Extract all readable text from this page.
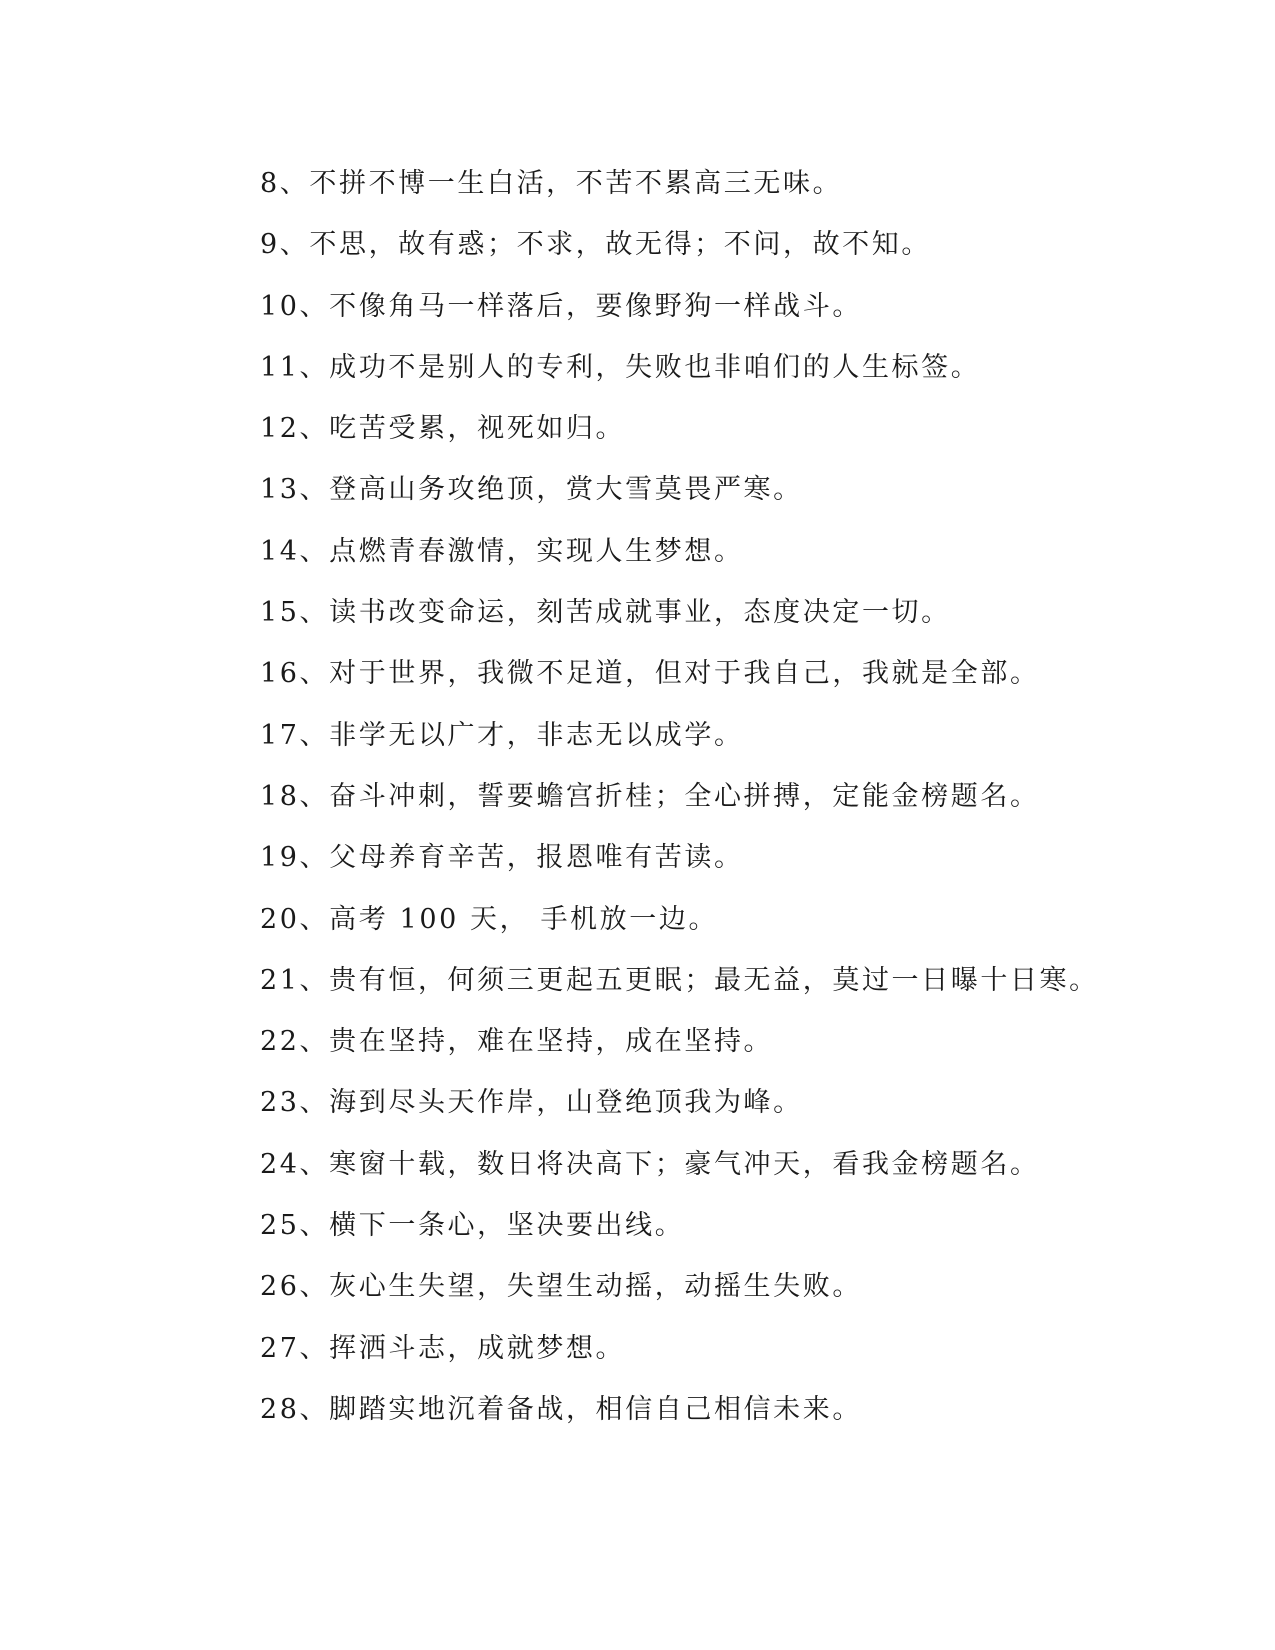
8、不拼不博一生白活，不苦不累高三无味。
9、不思，故有惑；不求，故无得；不问，故不知。
10、不像角马一样落后，要像野狗一样战斗。
11、成功不是别人的专利，失败也非咱们的人生标签。
12、吃苦受累，视死如归。
13、登高山务攻绝顶，赏大雪莫畏严寒。
14、点燃青春激情，实现人生梦想。
15、读书改变命运，刻苦成就事业，态度决定一切。
16、对于世界，我微不足道，但对于我自己，我就是全部。
17、非学无以广才，非志无以成学。
18、奋斗冲刺，誓要蟾宫折桂；全心拼搏，定能金榜题名。
19、父母养育辛苦，报恩唯有苦读。
20、高考 100 天， 手机放一边。
21、贵有恒，何须三更起五更眠；最无益，莫过一日曝十日寒。
22、贵在坚持，难在坚持，成在坚持。
23、海到尽头天作岸，山登绝顶我为峰。
24、寒窗十载，数日将决高下；豪气冲天，看我金榜题名。
25、横下一条心，坚决要出线。
26、灰心生失望，失望生动摇，动摇生失败。
27、挥洒斗志，成就梦想。
28、脚踏实地沉着备战，相信自己相信未来。
